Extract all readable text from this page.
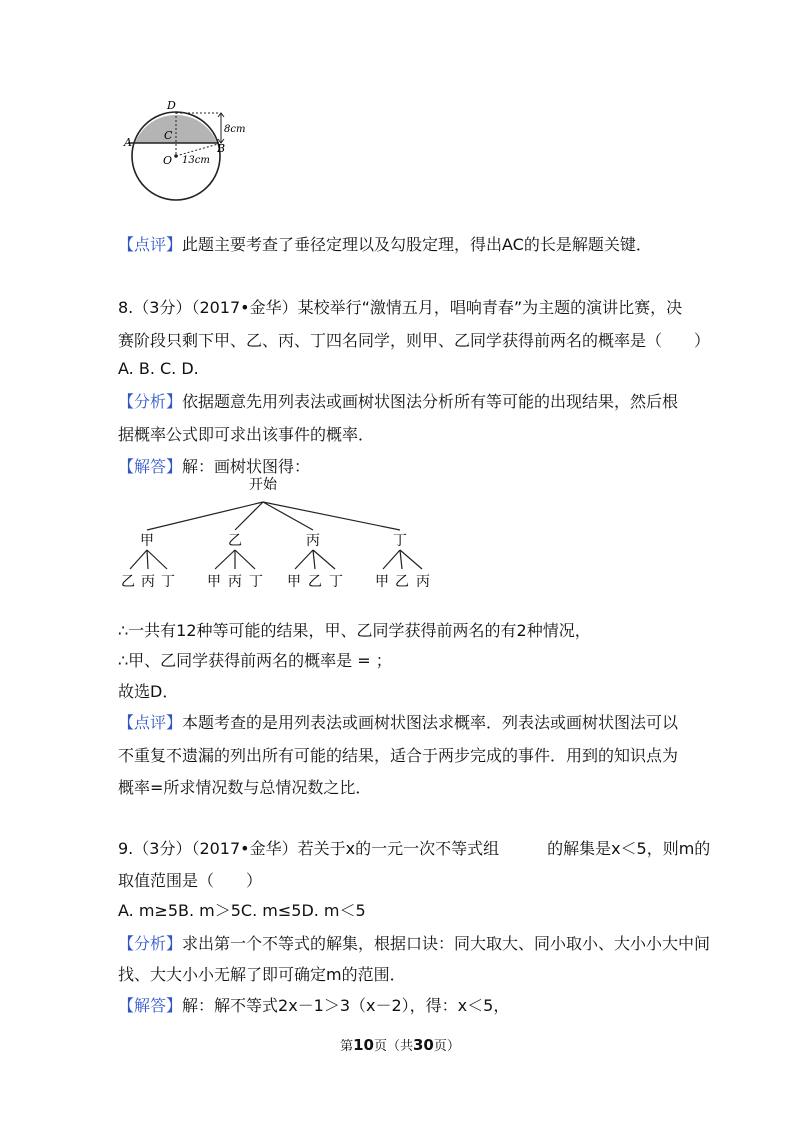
D
C
A	B
O
8cm
13cm
【点评】此题主要考查了垂径定理以及勾股定理，得出AC的长是解题关键．
8.（3分）（2017•金华）某校举行“激情五月，唱响青春”为主题的演讲比赛，决
赛阶段只剩下甲、乙、丙、丁四名同学，则甲、乙同学获得前两名的概率是（　　）
A. B. C. D.
【分析】依据题意先用列表法或画树状图法分析所有等可能的出现结果，然后根
据概率公式即可求出该事件的概率．
【解答】解：画树状图得：
开始
甲	乙	丙	丁
乙 丙 丁 甲 丙 丁 甲 乙 丁 甲 乙 丙
∴一共有12种等可能的结果，甲、乙同学获得前两名的有2种情况，
∴甲、乙同学获得前两名的概率是 = ；
故选D．
【点评】本题考查的是用列表法或画树状图法求概率．列表法或画树状图法可以
不重复不遗漏的列出所有可能的结果，适合于两步完成的事件．用到的知识点为
概率=所求情况数与总情况数之比．
9.（3分）（2017•金华）若关于x的一元一次不等式组　　　的解集是x＜5，则m的
取值范围是（　　）
A. m≥5B. m＞5C. m≤5D. m＜5
【分析】求出第一个不等式的解集，根据口诀：同大取大、同小取小、大小小大中间
找、大大小小无解了即可确定m的范围．
【解答】解：解不等式2x－1＞3（x－2），得：x＜5，
第10页（共30页）
